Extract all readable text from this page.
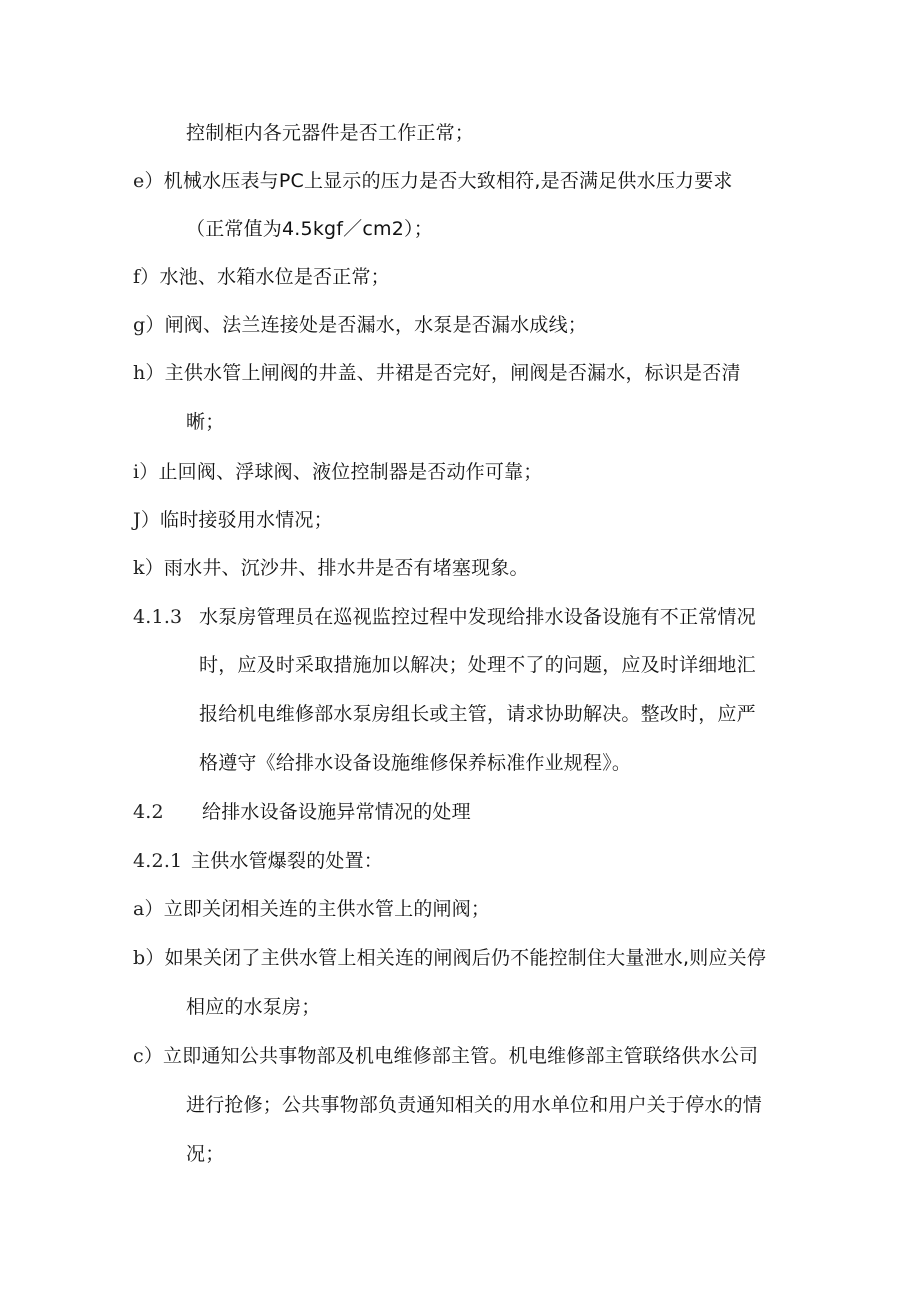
控制柜内各元器件是否工作正常；
e）机械水压表与PC上显示的压力是否大致相符,是否满足供水压力要求
（正常值为4.5kgf／cm2）；
f）水池、水箱水位是否正常；
g）闸阀、法兰连接处是否漏水，水泵是否漏水成线；
h）主供水管上闸阀的井盖、井裙是否完好，闸阀是否漏水，标识是否清
晰；
i）止回阀、浮球阀、液位控制器是否动作可靠；
J）临时接驳用水情况；
k）雨水井、沉沙井、排水井是否有堵塞现象。
4.1.3 水泵房管理员在巡视监控过程中发现给排水设备设施有不正常情况
时，应及时采取措施加以解决；处理不了的问题，应及时详细地汇
报给机电维修部水泵房组长或主管，请求协助解决。整改时，应严
格遵守《给排水设备设施维修保养标准作业规程》。
4.2 给排水设备设施异常情况的处理
4.2.1 主供水管爆裂的处置：
a）立即关闭相关连的主供水管上的闸阀；
b）如果关闭了主供水管上相关连的闸阀后仍不能控制住大量泄水,则应关停
相应的水泵房；
c）立即通知公共事物部及机电维修部主管。机电维修部主管联络供水公司
进行抢修；公共事物部负责通知相关的用水单位和用户关于停水的情
况；
